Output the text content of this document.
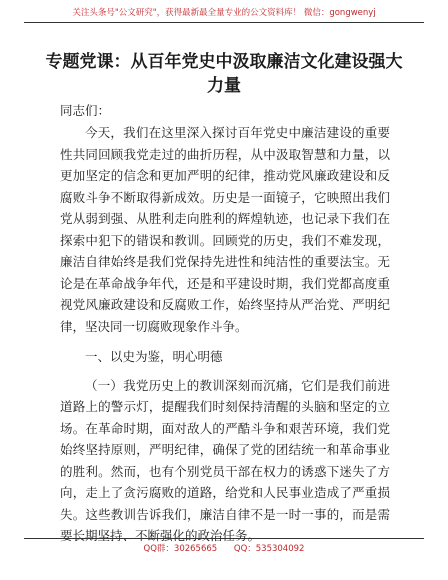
关注头条号"公文研究"，获得最新最全量专业的公文资料库！ 微信：gongwenyj
专题党课：从百年党史中汲取廉洁文化建设强大力量
同志们：

今天，我们在这里深入探讨百年党史中廉洁建设的重要性共同回顾我党走过的曲折历程，从中汲取智慧和力量，以更加坚定的信念和更加严明的纪律，推动党风廉政建设和反腐败斗争不断取得新成效。历史是一面镜子，它映照出我们党从弱到强、从胜利走向胜利的辉煌轨迹，也记录下我们在探索中犯下的错误和教训。回顾党的历史，我们不难发现，廉洁自律始终是我们党保持先进性和纯洁性的重要法宝。无论是在革命战争年代，还是和平建设时期，我们党都高度重视党风廉政建设和反腐败工作，始终坚持从严治党、严明纪律，坚决同一切腐败现象作斗争。

一、以史为鉴，明心明德

（一）我党历史上的教训深刻而沉痛，它们是我们前进道路上的警示灯，提醒我们时刻保持清醒的头脑和坚定的立场。在革命时期，面对敌人的严酷斗争和艰苦环境，我们党始终坚持原则，严明纪律，确保了党的团结统一和革命事业的胜利。然而，也有个别党员干部在权力的诱惑下迷失了方向，走上了贪污腐败的道路，给党和人民事业造成了严重损失。这些教训告诉我们，廉洁自律不是一时一事的，而是需要长期坚持、不断强化的政治任务。

QQ群：30265665 QQ：535304092
